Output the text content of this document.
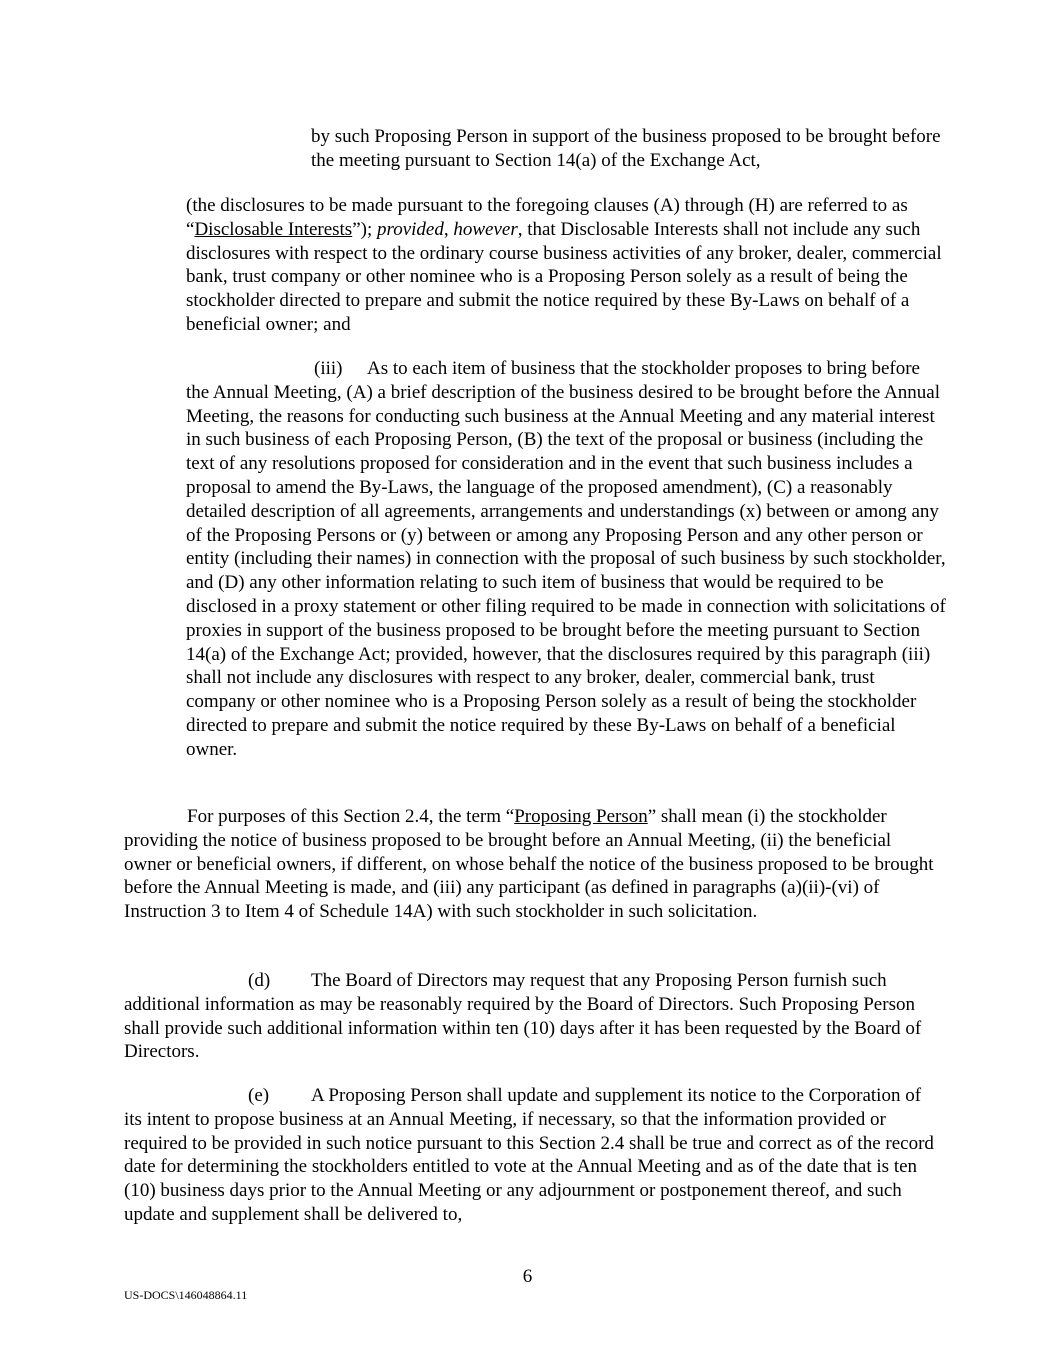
by such Proposing Person in support of the business proposed to be brought before the meeting pursuant to Section 14(a) of the Exchange Act,

(the disclosures to be made pursuant to the foregoing clauses (A) through (H) are referred to as “Disclosable Interests”); provided, however, that Disclosable Interests shall not include any such disclosures with respect to the ordinary course business activities of any broker, dealer, commercial bank, trust company or other nominee who is a Proposing Person solely as a result of being the stockholder directed to prepare and submit the notice required by these By-Laws on behalf of a beneficial owner; and

(iii) As to each item of business that the stockholder proposes to bring before the Annual Meeting, (A) a brief description of the business desired to be brought before the Annual Meeting, the reasons for conducting such business at the Annual Meeting and any material interest in such business of each Proposing Person, (B) the text of the proposal or business (including the text of any resolutions proposed for consideration and in the event that such business includes a proposal to amend the By-Laws, the language of the proposed amendment), (C) a reasonably detailed description of all agreements, arrangements and understandings (x) between or among any of the Proposing Persons or (y) between or among any Proposing Person and any other person or entity (including their names) in connection with the proposal of such business by such stockholder, and (D) any other information relating to such item of business that would be required to be disclosed in a proxy statement or other filing required to be made in connection with solicitations of proxies in support of the business proposed to be brought before the meeting pursuant to Section 14(a) of the Exchange Act; provided, however, that the disclosures required by this paragraph (iii) shall not include any disclosures with respect to any broker, dealer, commercial bank, trust company or other nominee who is a Proposing Person solely as a result of being the stockholder directed to prepare and submit the notice required by these By-Laws on behalf of a beneficial owner.

For purposes of this Section 2.4, the term “Proposing Person” shall mean (i) the stockholder providing the notice of business proposed to be brought before an Annual Meeting, (ii) the beneficial owner or beneficial owners, if different, on whose behalf the notice of the business proposed to be brought before the Annual Meeting is made, and (iii) any participant (as defined in paragraphs (a)(ii)-(vi) of Instruction 3 to Item 4 of Schedule 14A) with such stockholder in such solicitation.

(d) The Board of Directors may request that any Proposing Person furnish such additional information as may be reasonably required by the Board of Directors. Such Proposing Person shall provide such additional information within ten (10) days after it has been requested by the Board of Directors.

(e) A Proposing Person shall update and supplement its notice to the Corporation of its intent to propose business at an Annual Meeting, if necessary, so that the information provided or required to be provided in such notice pursuant to this Section 2.4 shall be true and correct as of the record date for determining the stockholders entitled to vote at the Annual Meeting and as of the date that is ten (10) business days prior to the Annual Meeting or any adjournment or postponement thereof, and such update and supplement shall be delivered to,

6
US-DOCS\146048864.11
